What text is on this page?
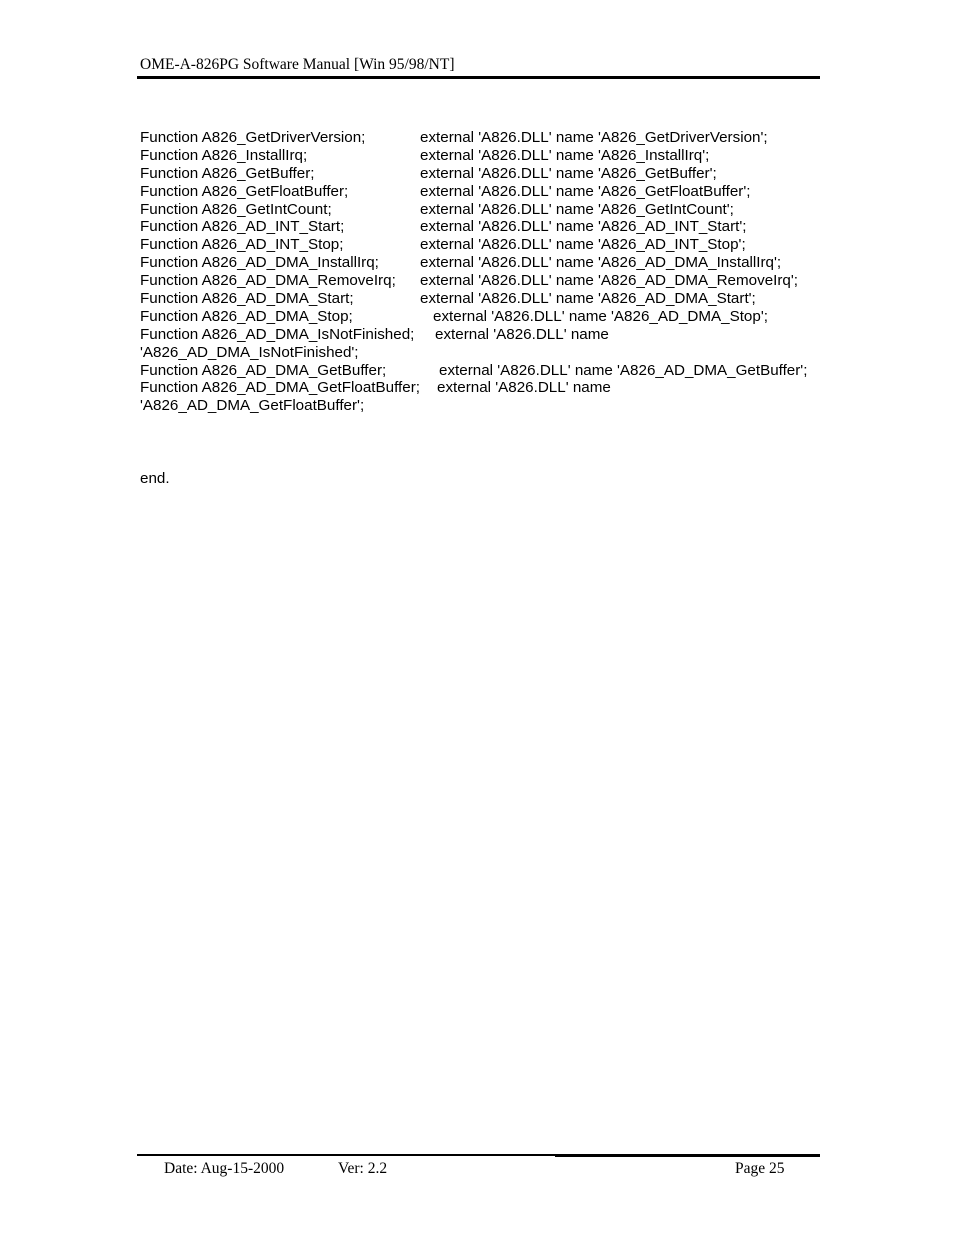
OME-A-826PG Software Manual [Win 95/98/NT]
Function A826_GetDriverVersion;	external 'A826.DLL' name 'A826_GetDriverVersion';
Function A826_InstallIrq;	external 'A826.DLL' name 'A826_InstallIrq';
Function A826_GetBuffer;	external 'A826.DLL' name 'A826_GetBuffer';
Function A826_GetFloatBuffer;	external 'A826.DLL' name 'A826_GetFloatBuffer';
Function A826_GetIntCount;	external 'A826.DLL' name 'A826_GetIntCount';
Function A826_AD_INT_Start;	external 'A826.DLL' name 'A826_AD_INT_Start';
Function A826_AD_INT_Stop;	external 'A826.DLL' name 'A826_AD_INT_Stop';
Function A826_AD_DMA_InstallIrq;	external 'A826.DLL' name 'A826_AD_DMA_InstallIrq';
Function A826_AD_DMA_RemoveIrq; external 'A826.DLL' name 'A826_AD_DMA_RemoveIrq';
Function A826_AD_DMA_Start;	external 'A826.DLL' name 'A826_AD_DMA_Start';
Function A826_AD_DMA_Stop;	external 'A826.DLL' name 'A826_AD_DMA_Stop';
Function A826_AD_DMA_IsNotFinished; external 'A826.DLL' name
'A826_AD_DMA_IsNotFinished';
Function A826_AD_DMA_GetBuffer;	external 'A826.DLL' name 'A826_AD_DMA_GetBuffer';
Function A826_AD_DMA_GetFloatBuffer; external 'A826.DLL' name
'A826_AD_DMA_GetFloatBuffer';
end.
Date: Aug-15-2000	Ver: 2.2	Page 25
